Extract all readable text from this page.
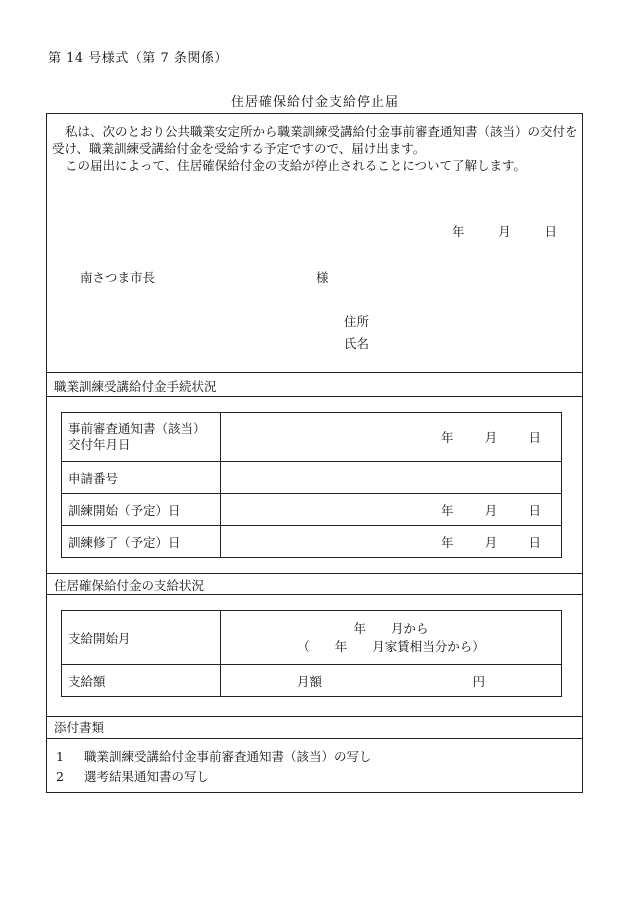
第 14 号様式（第 7 条関係）
住居確保給付金支給停止届

私は、次のとおり公共職業安定所から職業訓練受講給付金事前審査通知書（該当）の交付を受け、職業訓練受講給付金を受給する予定ですので、届け出ます。

この届出によって、住居確保給付金の支給が停止されることについて了解します。

年	月	日
南さつま市長	様
住所
氏名
職業訓練受講給付金手続状況
事前審査通知書（該当）
交付年月日	年 月 日

申請番号	
訓練開始（予定）日	年 月 日

訓練修了（予定）日	年 月 日
住居確保給付金の支給状況
支給開始月	年　　月から
（　　年　　月家賃相当分から）

支給額	月額 円
添付書類
1 職業訓練受講給付金事前審査通知書（該当）の写し
2 選考結果通知書の写し
